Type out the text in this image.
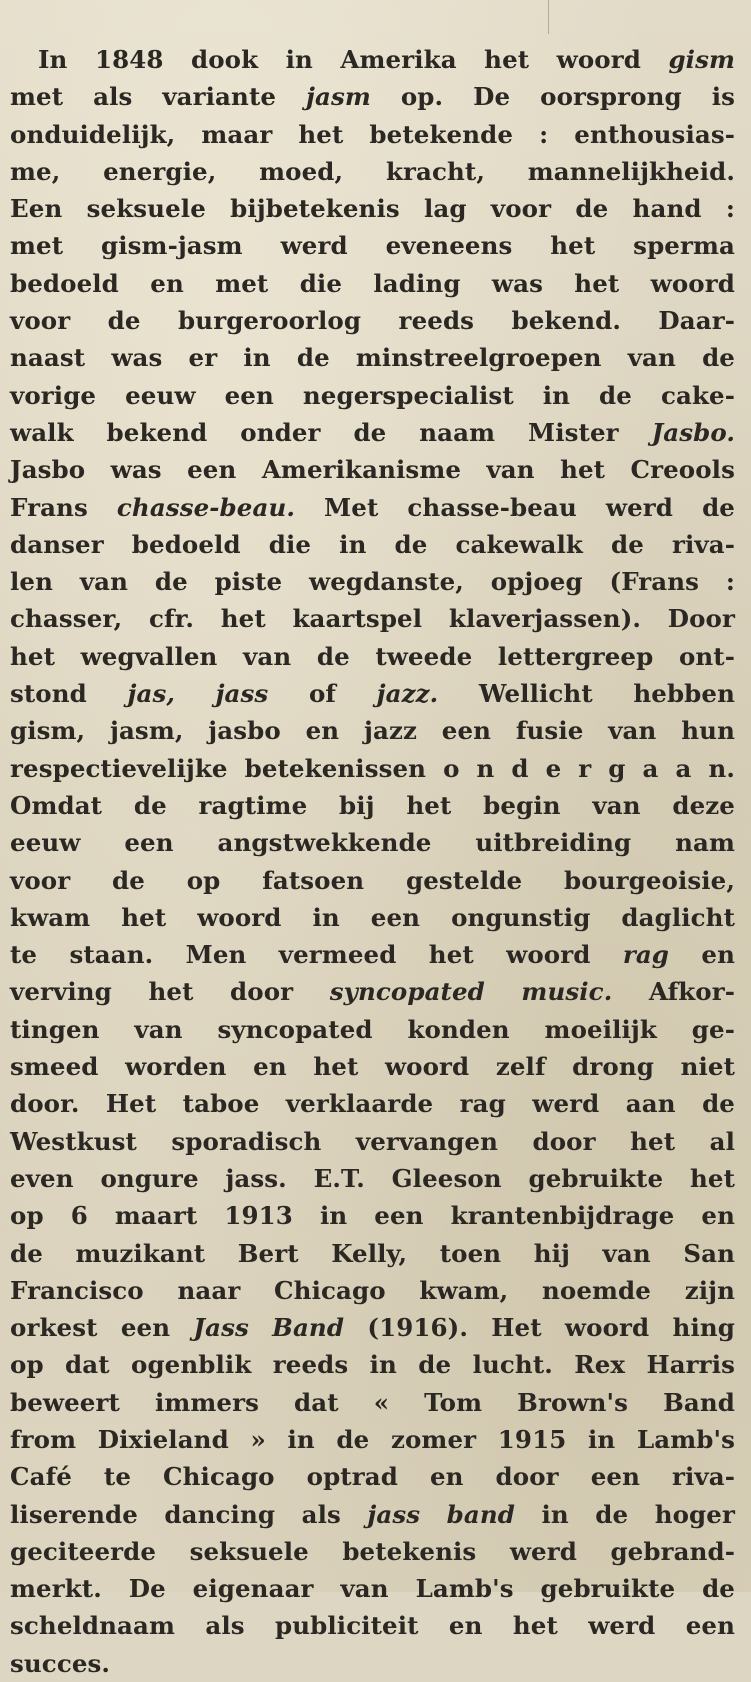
In 1848 dook in Amerika het woord gism
met als variante jasm op. De oorsprong is
onduidelijk, maar het betekende : enthousias-
me, energie, moed, kracht, mannelijkheid.
Een seksuele bijbetekenis lag voor de hand :
met gism-jasm werd eveneens het sperma
bedoeld en met die lading was het woord
voor de burgeroorlog reeds bekend. Daar-
naast was er in de minstreelgroepen van de
vorige eeuw een negerspecialist in de cake-
walk bekend onder de naam Mister Jasbo.
Jasbo was een Amerikanisme van het Creools
Frans chasse-beau. Met chasse-beau werd de
danser bedoeld die in de cakewalk de riva-
len van de piste wegdanste, opjoeg (Frans :
chasser, cfr. het kaartspel klaverjassen). Door
het wegvallen van de tweede lettergreep ont-
stond jas, jass of jazz. Wellicht hebben
gism, jasm, jasbo en jazz een fusie van hun
respectievelijke betekenissen o n d e r g a a n.
Omdat de ragtime bij het begin van deze
eeuw een angstwekkende uitbreiding nam
voor de op fatsoen gestelde bourgeoisie,
kwam het woord in een ongunstig daglicht
te staan. Men vermeed het woord rag en
verving het door syncopated music. Afkor-
tingen van syncopated konden moeilijk ge-
smeed worden en het woord zelf drong niet
door. Het taboe verklaarde rag werd aan de
Westkust sporadisch vervangen door het al
even ongure jass. E.T. Gleeson gebruikte het
op 6 maart 1913 in een krantenbijdrage en
de muzikant Bert Kelly, toen hij van San
Francisco naar Chicago kwam, noemde zijn
orkest een Jass Band (1916). Het woord hing
op dat ogenblik reeds in de lucht. Rex Harris
beweert immers dat « Tom Brown's Band
from Dixieland » in de zomer 1915 in Lamb's
Café te Chicago optrad en door een riva-
liserende dancing als jass band in de hoger
geciteerde seksuele betekenis werd gebrand-
merkt. De eigenaar van Lamb's gebruikte de
scheldnaam als publiciteit en het werd een
succes.
